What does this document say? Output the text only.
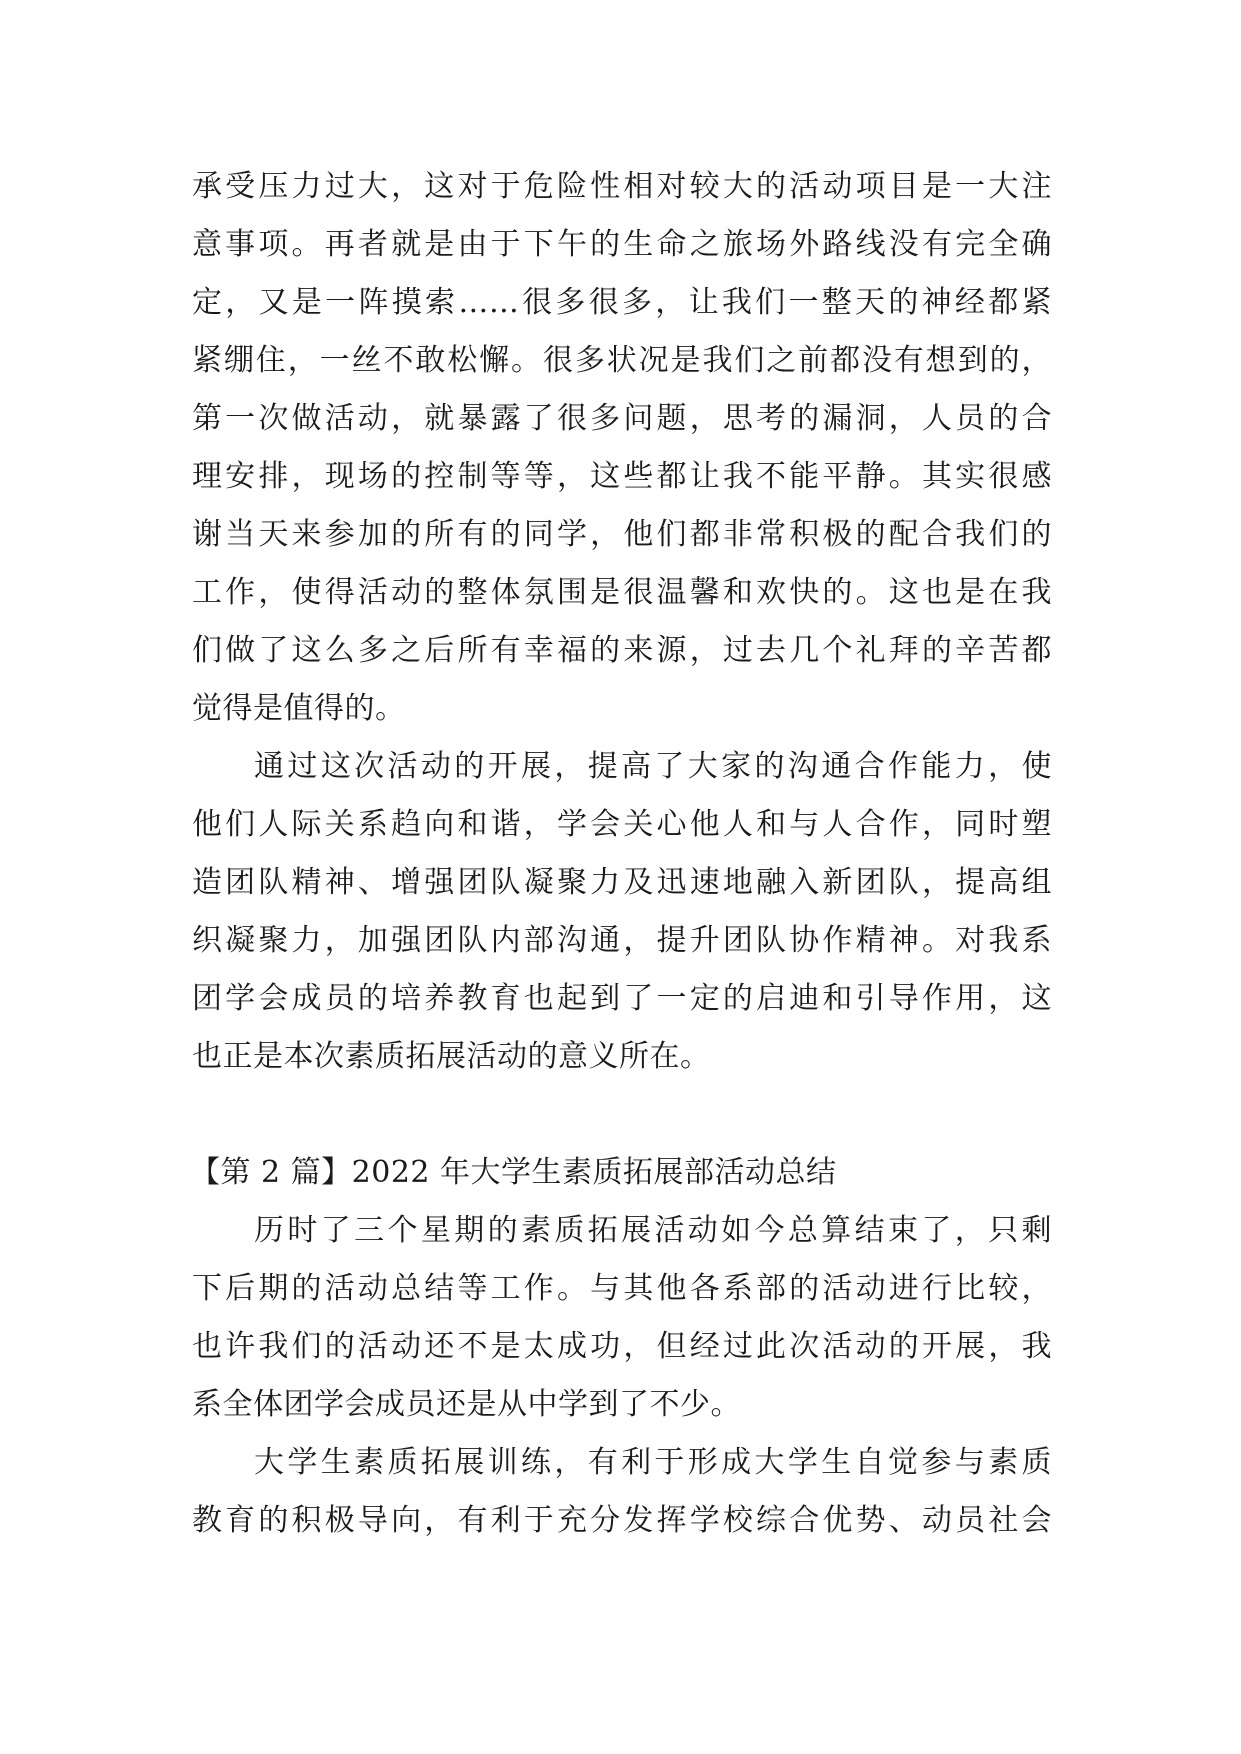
承受压力过大，这对于危险性相对较大的活动项目是一大注
意事项。再者就是由于下午的生命之旅场外路线没有完全确
定，又是一阵摸索……很多很多，让我们一整天的神经都紧
紧绷住，一丝不敢松懈。很多状况是我们之前都没有想到的，
第一次做活动，就暴露了很多问题，思考的漏洞，人员的合
理安排，现场的控制等等，这些都让我不能平静。其实很感
谢当天来参加的所有的同学，他们都非常积极的配合我们的
工作，使得活动的整体氛围是很温馨和欢快的。这也是在我
们做了这么多之后所有幸福的来源，过去几个礼拜的辛苦都
觉得是值得的。
通过这次活动的开展，提高了大家的沟通合作能力，使
他们人际关系趋向和谐，学会关心他人和与人合作，同时塑
造团队精神、增强团队凝聚力及迅速地融入新团队，提高组
织凝聚力，加强团队内部沟通，提升团队协作精神。对我系
团学会成员的培养教育也起到了一定的启迪和引导作用，这
也正是本次素质拓展活动的意义所在。
【第 2 篇】2022 年大学生素质拓展部活动总结
历时了三个星期的素质拓展活动如今总算结束了，只剩
下后期的活动总结等工作。与其他各系部的活动进行比较，
也许我们的活动还不是太成功，但经过此次活动的开展，我
系全体团学会成员还是从中学到了不少。
大学生素质拓展训练，有利于形成大学生自觉参与素质
教育的积极导向，有利于充分发挥学校综合优势、动员社会
